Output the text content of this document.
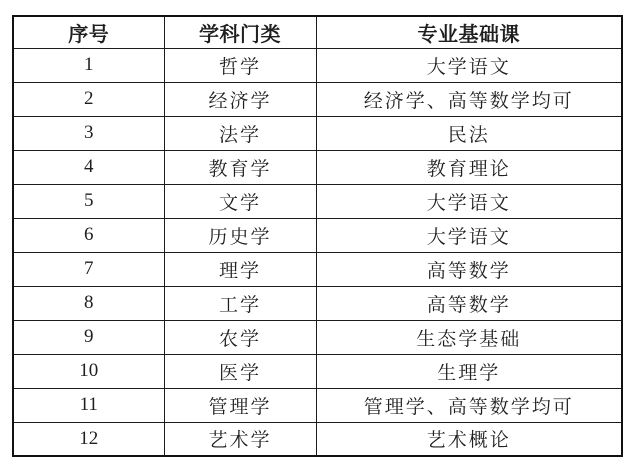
序号	学科门类	专业基础课
1	哲学	大学语文
2	经济学	经济学、高等数学均可
3	法学	民法
4	教育学	教育理论
5	文学	大学语文
6	历史学	大学语文
7	理学	高等数学
8	工学	高等数学
9	农学	生态学基础
10	医学	生理学
11	管理学	管理学、高等数学均可
12	艺术学	艺术概论
